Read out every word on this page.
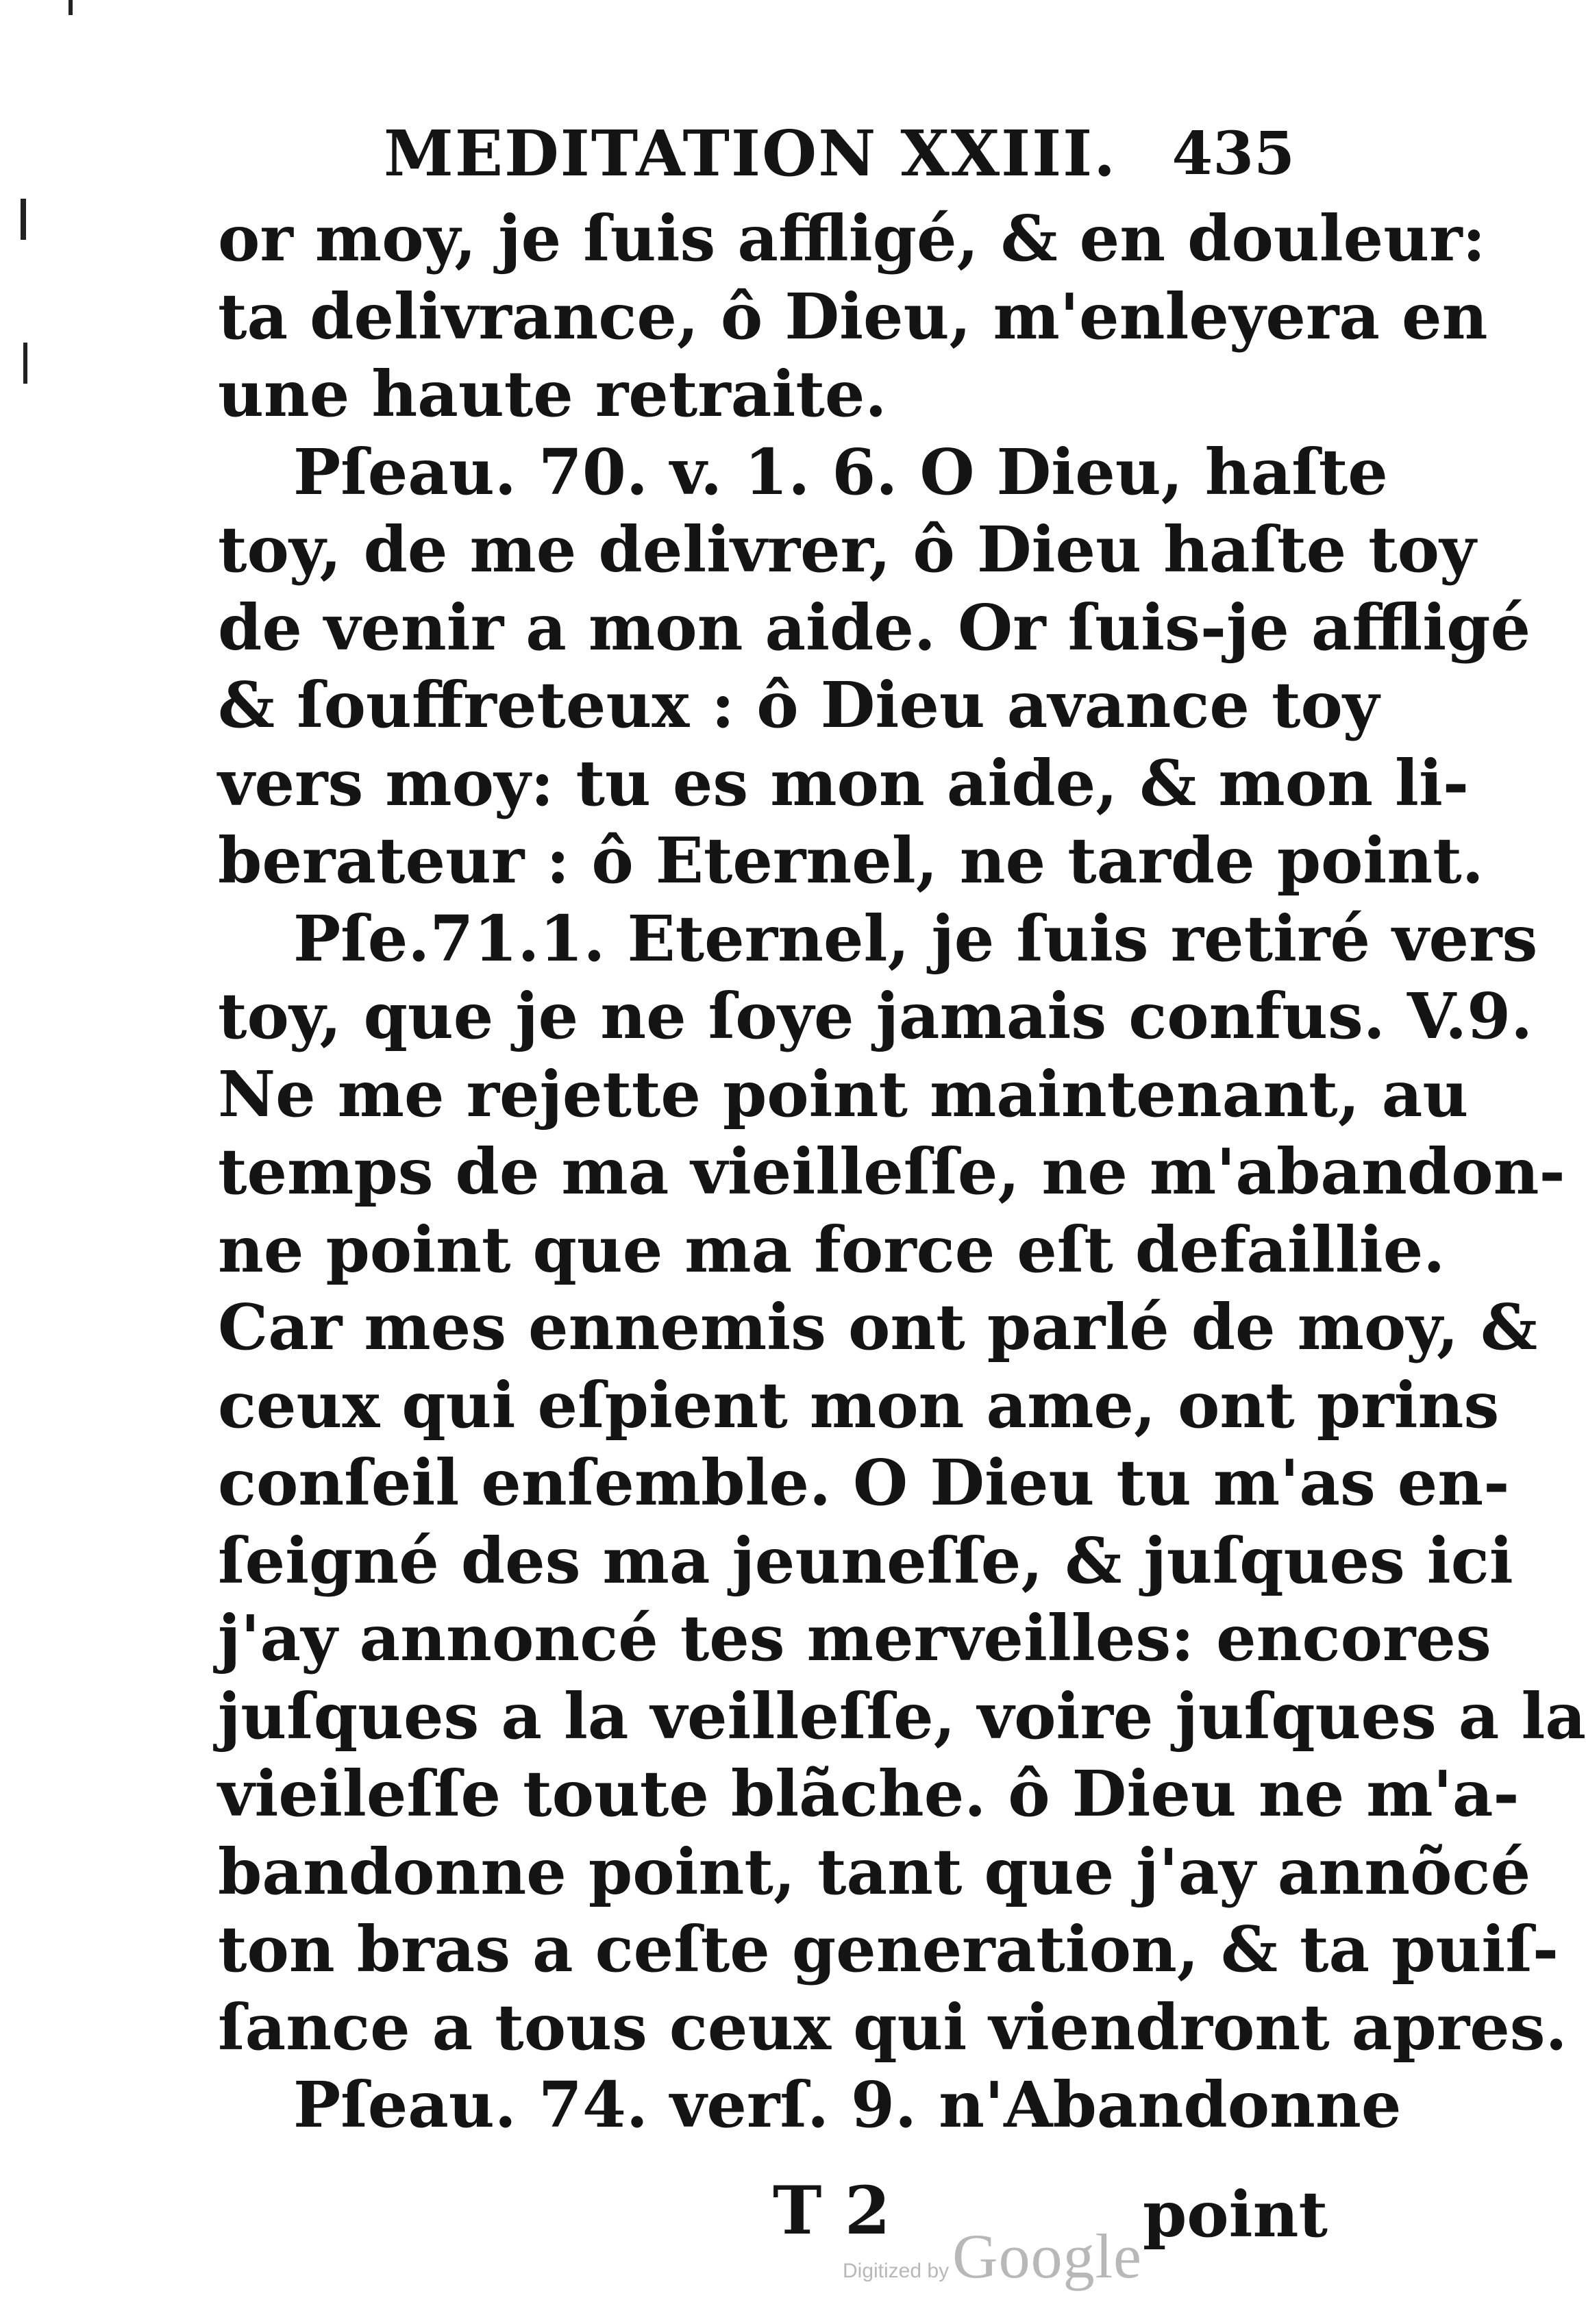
MEDITATION XXIII. 435
or moy, je ſuis affligé, & en douleur:
ta delivrance, ô Dieu, m'enleyera en
une haute retraite.
Pſeau. 70. v. 1. 6. O Dieu, haſte
toy, de me delivrer, ô Dieu haſte toy
de venir a mon aide. Or ſuis-je affligé
& ſouffreteux : ô Dieu avance toy
vers moy: tu es mon aide, & mon li-
berateur : ô Eternel, ne tarde point.
Pſe.71.1. Eternel, je ſuis retiré vers
toy, que je ne ſoye jamais confus. V.9.
Ne me rejette point maintenant, au
temps de ma vieilleſſe, ne m'abandon-
ne point que ma force eſt defaillie.
Car mes ennemis ont parlé de moy, &
ceux qui eſpient mon ame, ont prins
conſeil enſemble. O Dieu tu m'as en-
ſeigné des ma jeuneſſe, & juſques ici
j'ay annoncé tes merveilles: encores
juſques a la veilleſſe, voire juſques a la
vieileſſe toute blãche. ô Dieu ne m'a-
bandonne point, tant que j'ay annõcé
ton bras a ceſte generation, & ta puiſ-
ſance a tous ceux qui viendront apres.
Pſeau. 74. verſ. 9. n'Abandonne
T 2	point
Digitized by Google
